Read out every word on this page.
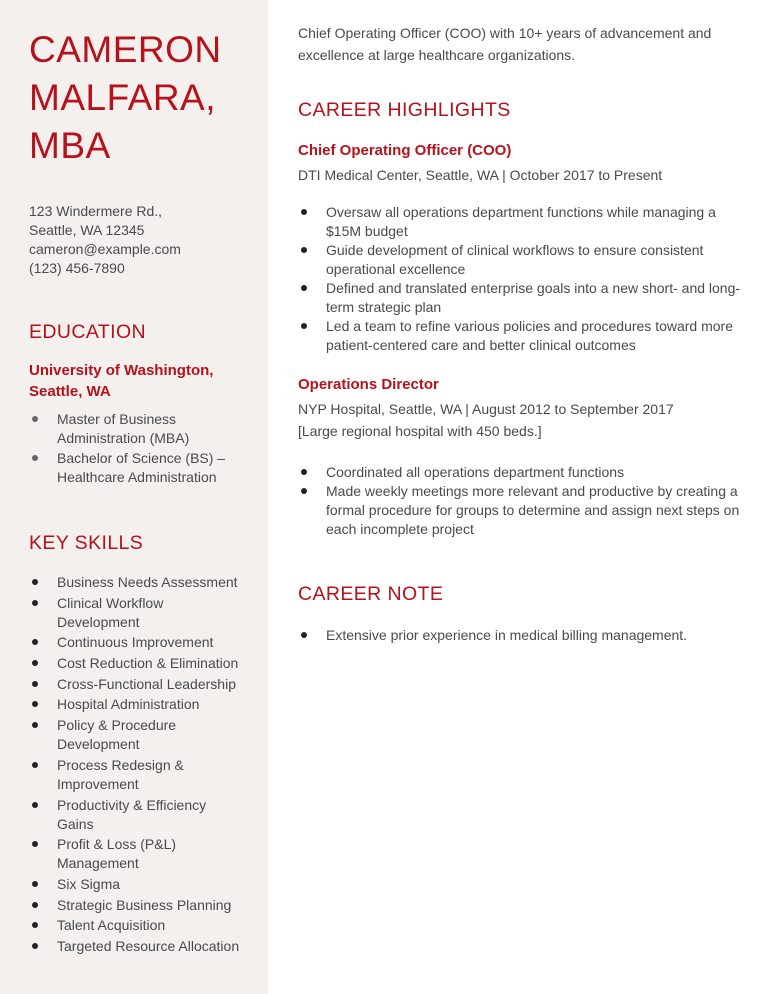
CAMERON
MALFARA,
MBA
123 Windermere Rd.,
Seattle, WA 12345
cameron@example.com
(123) 456-7890
EDUCATION
University of Washington,
Seattle, WA
Master of Business Administration (MBA)
Bachelor of Science (BS) – Healthcare Administration
KEY SKILLS
Business Needs Assessment
Clinical Workflow Development
Continuous Improvement
Cost Reduction & Elimination
Cross-Functional Leadership
Hospital Administration
Policy & Procedure Development
Process Redesign & Improvement
Productivity & Efficiency Gains
Profit & Loss (P&L) Management
Six Sigma
Strategic Business Planning
Talent Acquisition
Targeted Resource Allocation

Chief Operating Officer (COO) with 10+ years of advancement and excellence at large healthcare organizations.

CAREER HIGHLIGHTS
Chief Operating Officer (COO)
DTI Medical Center, Seattle, WA | October 2017 to Present
Oversaw all operations department functions while managing a $15M budget
Guide development of clinical workflows to ensure consistent operational excellence
Defined and translated enterprise goals into a new short- and long-term strategic plan
Led a team to refine various policies and procedures toward more patient-centered care and better clinical outcomes
Operations Director
NYP Hospital, Seattle, WA | August 2012 to September 2017
[Large regional hospital with 450 beds.]
Coordinated all operations department functions
Made weekly meetings more relevant and productive by creating a formal procedure for groups to determine and assign next steps on each incomplete project
CAREER NOTE
Extensive prior experience in medical billing management.
